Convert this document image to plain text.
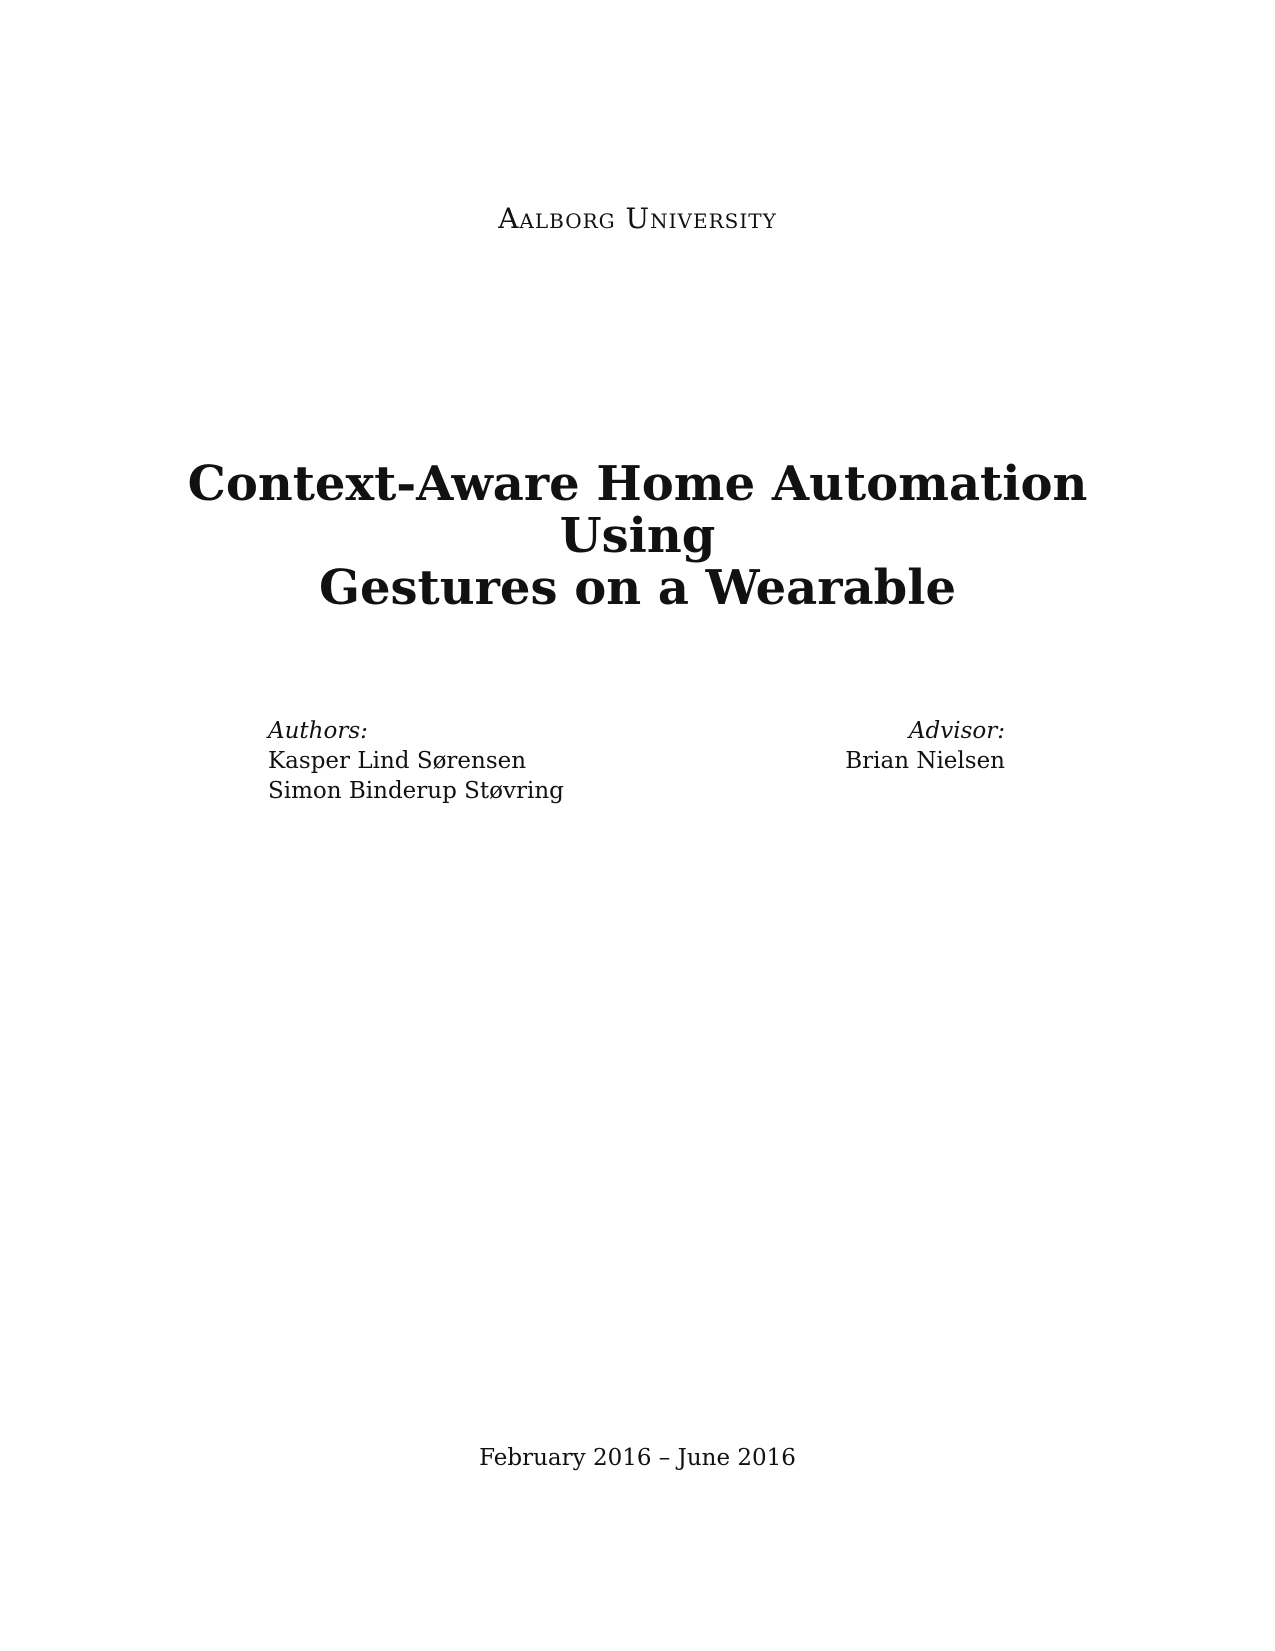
Aalborg University
Context-Aware Home Automation Using
Gestures on a Wearable
Authors:
Kasper Lind Sørensen
Simon Binderup Støvring
Advisor:
Brian Nielsen
February 2016 – June 2016
